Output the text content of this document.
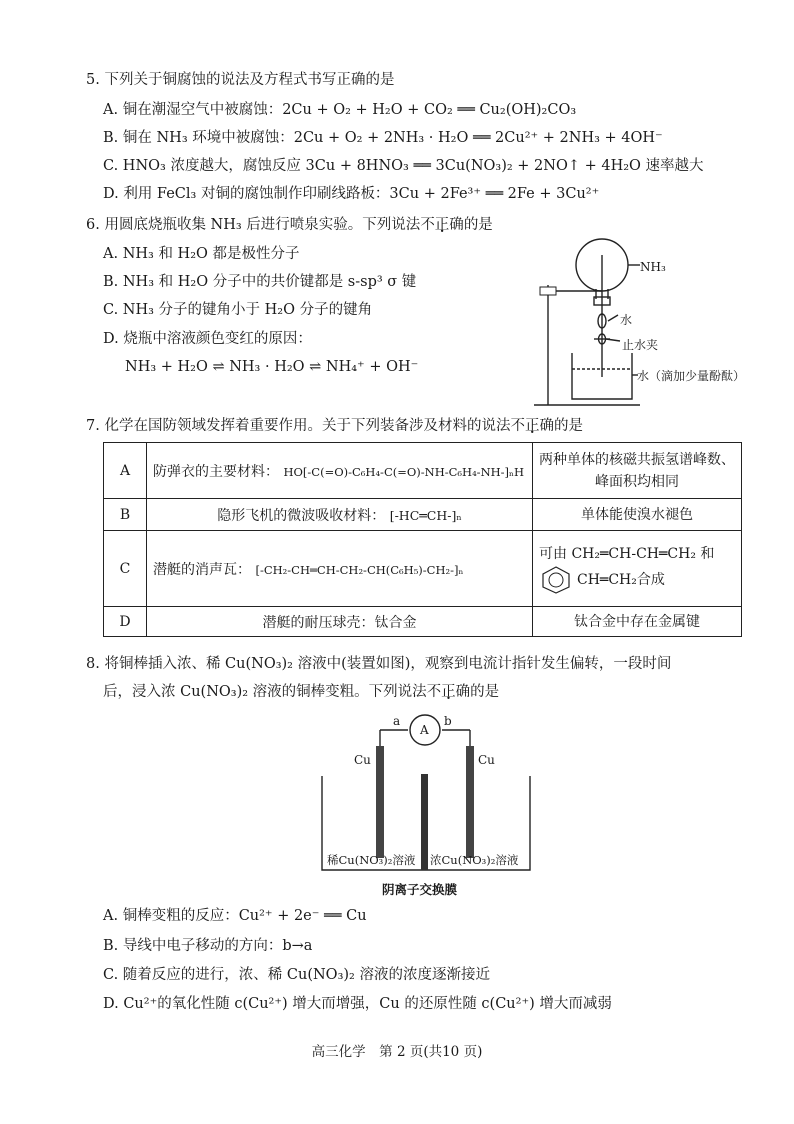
5. 下列关于铜腐蚀的说法及方程式书写正确的是
A. 铜在潮湿空气中被腐蚀：2Cu + O₂ + H₂O + CO₂ ══ Cu₂(OH)₂CO₃
B. 铜在 NH₃ 环境中被腐蚀：2Cu + O₂ + 2NH₃ · H₂O ══ 2Cu²⁺ + 2NH₃ + 4OH⁻
C. HNO₃ 浓度越大，腐蚀反应 3Cu + 8HNO₃ ══ 3Cu(NO₃)₂ + 2NO↑ + 4H₂O 速率越大
D. 利用 FeCl₃ 对铜的腐蚀制作印刷线路板：3Cu + 2Fe³⁺ ══ 2Fe + 3Cu²⁺
6. 用圆底烧瓶收集 NH₃ 后进行喷泉实验。下列说法不正确的是
A. NH₃ 和 H₂O 都是极性分子
B. NH₃ 和 H₂O 分子中的共价键都是 s-sp³ σ 键
C. NH₃ 分子的键角小于 H₂O 分子的键角
D. 烧瓶中溶液颜色变红的原因：
NH₃ + H₂O ⇌ NH₃ · H₂O ⇌ NH₄⁺ + OH⁻
NH₃
水
止水夹
水（滴加少量酚酞）
7. 化学在国防领域发挥着重要作用。关于下列装备涉及材料的说法不正确的是
A	防弹衣的主要材料： HO[-C(=O)-C₆H₄-C(=O)-NH-C₆H₄-NH-]ₙH	两种单体的核磁共振氢谱峰数、峰面积均相同
B	隐形飞机的微波吸收材料： [-HC═CH-]ₙ	单体能使溴水褪色
C	潜艇的消声瓦： [-CH₂-CH═CH-CH₂-CH(C₆H₅)-CH₂-]ₙ	可由 CH₂═CH-CH═CH₂ 和
CH═CH₂合成

D	潜艇的耐压球壳：钛合金	钛合金中存在金属键
8. 将铜棒插入浓、稀 Cu(NO₃)₂ 溶液中(装置如图)，观察到电流计指针发生偏转，一段时间
后，浸入浓 Cu(NO₃)₂ 溶液的铜棒变粗。下列说法不正确的是
a	b
A
Cu	Cu
稀Cu(NO₃)₂溶液 浓Cu(NO₃)₂溶液
阴离子交换膜
A. 铜棒变粗的反应：Cu²⁺ + 2e⁻ ══ Cu
B. 导线中电子移动的方向：b→a
C. 随着反应的进行，浓、稀 Cu(NO₃)₂ 溶液的浓度逐渐接近
D. Cu²⁺的氧化性随 c(Cu²⁺) 增大而增强，Cu 的还原性随 c(Cu²⁺) 增大而减弱
高三化学　第 2 页(共10 页)
